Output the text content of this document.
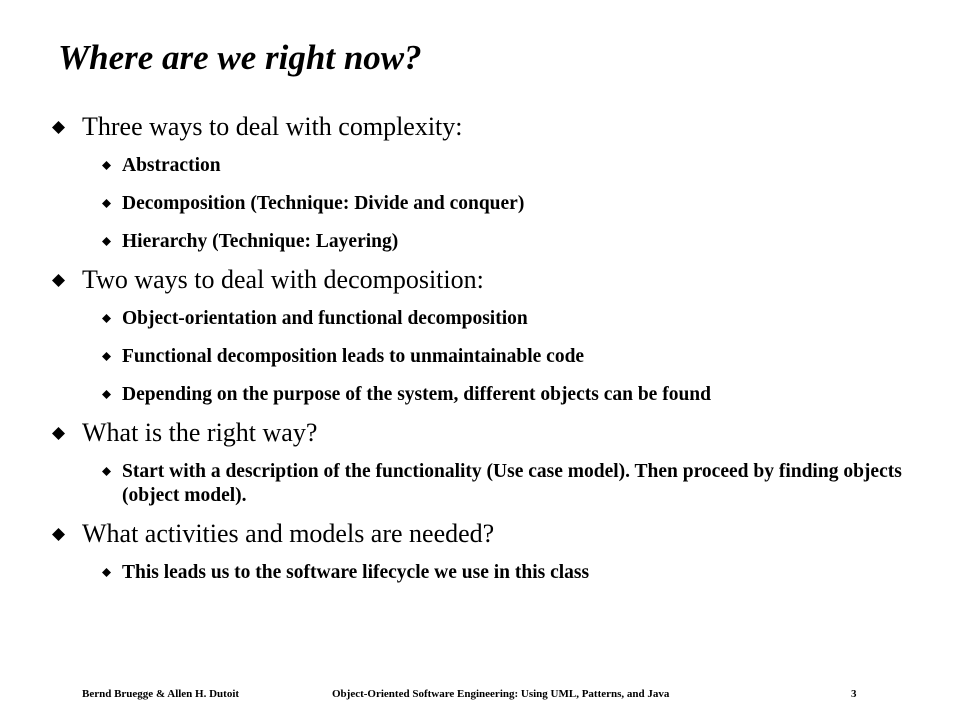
Where are we right now?
Three ways to deal with complexity:
Abstraction
Decomposition (Technique: Divide and conquer)
Hierarchy (Technique: Layering)
Two ways to deal with decomposition:
Object-orientation and functional decomposition
Functional decomposition leads to unmaintainable code
Depending on the purpose of the system, different objects can be found
What is the right way?
Start with a description of the functionality (Use case model). Then proceed by finding objects (object model).
What activities and models are needed?
This leads us to the software lifecycle we use in this class
Bernd Bruegge & Allen H. Dutoit	Object-Oriented Software Engineering: Using UML, Patterns, and Java	3
